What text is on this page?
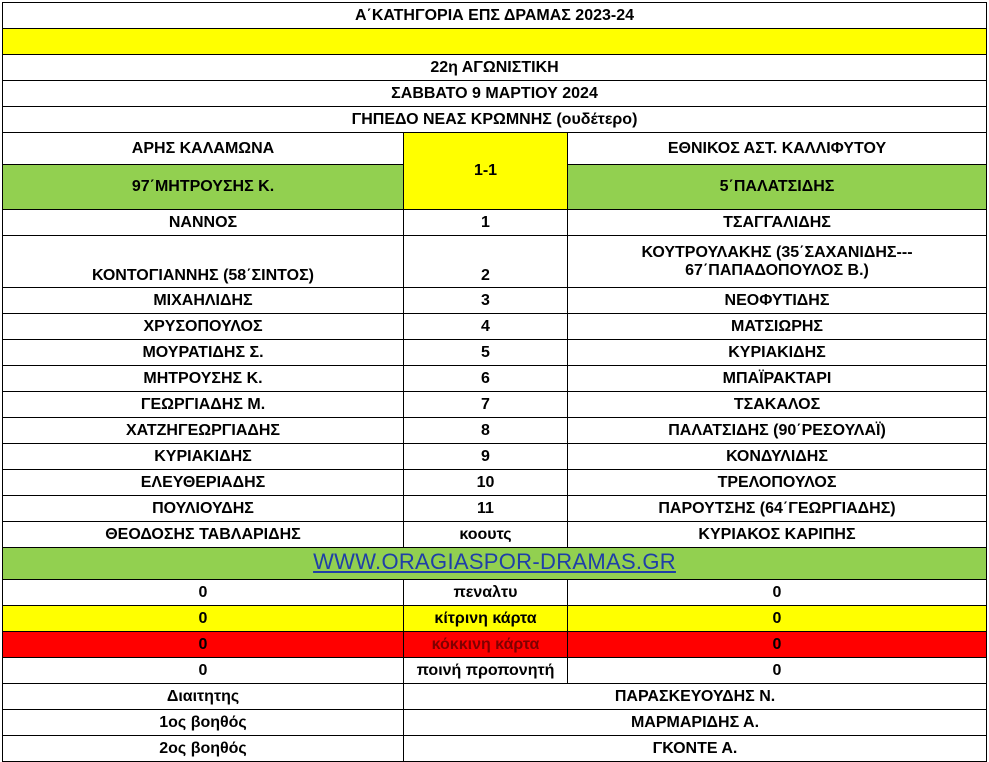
Α΄ΚΑΤΗΓΟΡΙΑ ΕΠΣ ΔΡΑΜΑΣ 2023-24		

22η ΑΓΩΝΙΣΤΙΚΗ		
ΣΑΒΒΑΤΟ 9 ΜΑΡΤΙΟΥ 2024		
ΓΗΠΕΔΟ ΝΕΑΣ ΚΡΩΜΝΗΣ (ουδέτερο)		
ΑΡΗΣ ΚΑΛΑΜΩΝΑ	1-1	ΕΘΝΙΚΟΣ ΑΣΤ. ΚΑΛΛΙΦΥΤΟΥ
97΄ΜΗΤΡΟΥΣΗΣ Κ.		5΄ΠΑΛΑΤΣΙΔΗΣ
ΝΑΝΝΟΣ	1	ΤΣΑΓΓΑΛΙΔΗΣ
ΚΟΝΤΟΓΙΑΝΝΗΣ (58΄ΣΙΝΤΟΣ)	2	ΚΟΥΤΡΟΥΛΑΚΗΣ (35΄ΣΑΧΑΝΙΔΗΣ--- 67΄ΠΑΠΑΔΟΠΟΥΛΟΣ Β.)
ΜΙΧΑΗΛΙΔΗΣ	3	ΝΕΟΦΥΤΙΔΗΣ
ΧΡΥΣΟΠΟΥΛΟΣ	4	ΜΑΤΣΙΩΡΗΣ
ΜΟΥΡΑΤΙΔΗΣ Σ.	5	ΚΥΡΙΑΚΙΔΗΣ
ΜΗΤΡΟΥΣΗΣ Κ.	6	ΜΠΑΪΡΑΚΤΑΡΙ
ΓΕΩΡΓΙΑΔΗΣ Μ.	7	ΤΣΑΚΑΛΟΣ
ΧΑΤΖΗΓΕΩΡΓΙΑΔΗΣ	8	ΠΑΛΑΤΣΙΔΗΣ (90΄ΡΕΣΟΥΛΑΪ)
ΚΥΡΙΑΚΙΔΗΣ	9	ΚΟΝΔΥΛΙΔΗΣ
ΕΛΕΥΘΕΡΙΑΔΗΣ	10	ΤΡΕΛΟΠΟΥΛΟΣ
ΠΟΥΛΙΟΥΔΗΣ	11	ΠΑΡΟΥΤΣΗΣ (64΄ΓΕΩΡΓΙΑΔΗΣ)
ΘΕΟΔΟΣΗΣ ΤΑΒΛΑΡΙΔΗΣ	κοουτς	ΚΥΡΙΑΚΟΣ ΚΑΡΙΠΗΣ
WWW.ORAGIASPOR-DRAMAS.GR		
0	πεναλτυ	0
0	κίτρινη κάρτα	0
0	κόκκινη κάρτα	0
0	ποινή προπονητή	0
Διαιτητης	ΠΑΡΑΣΚΕΥΟΥΔΗΣ Ν.	
1ος βοηθός	ΜΑΡΜΑΡΙΔΗΣ Α.	
2ος βοηθός	ΓΚΟΝΤΕ Α.	
